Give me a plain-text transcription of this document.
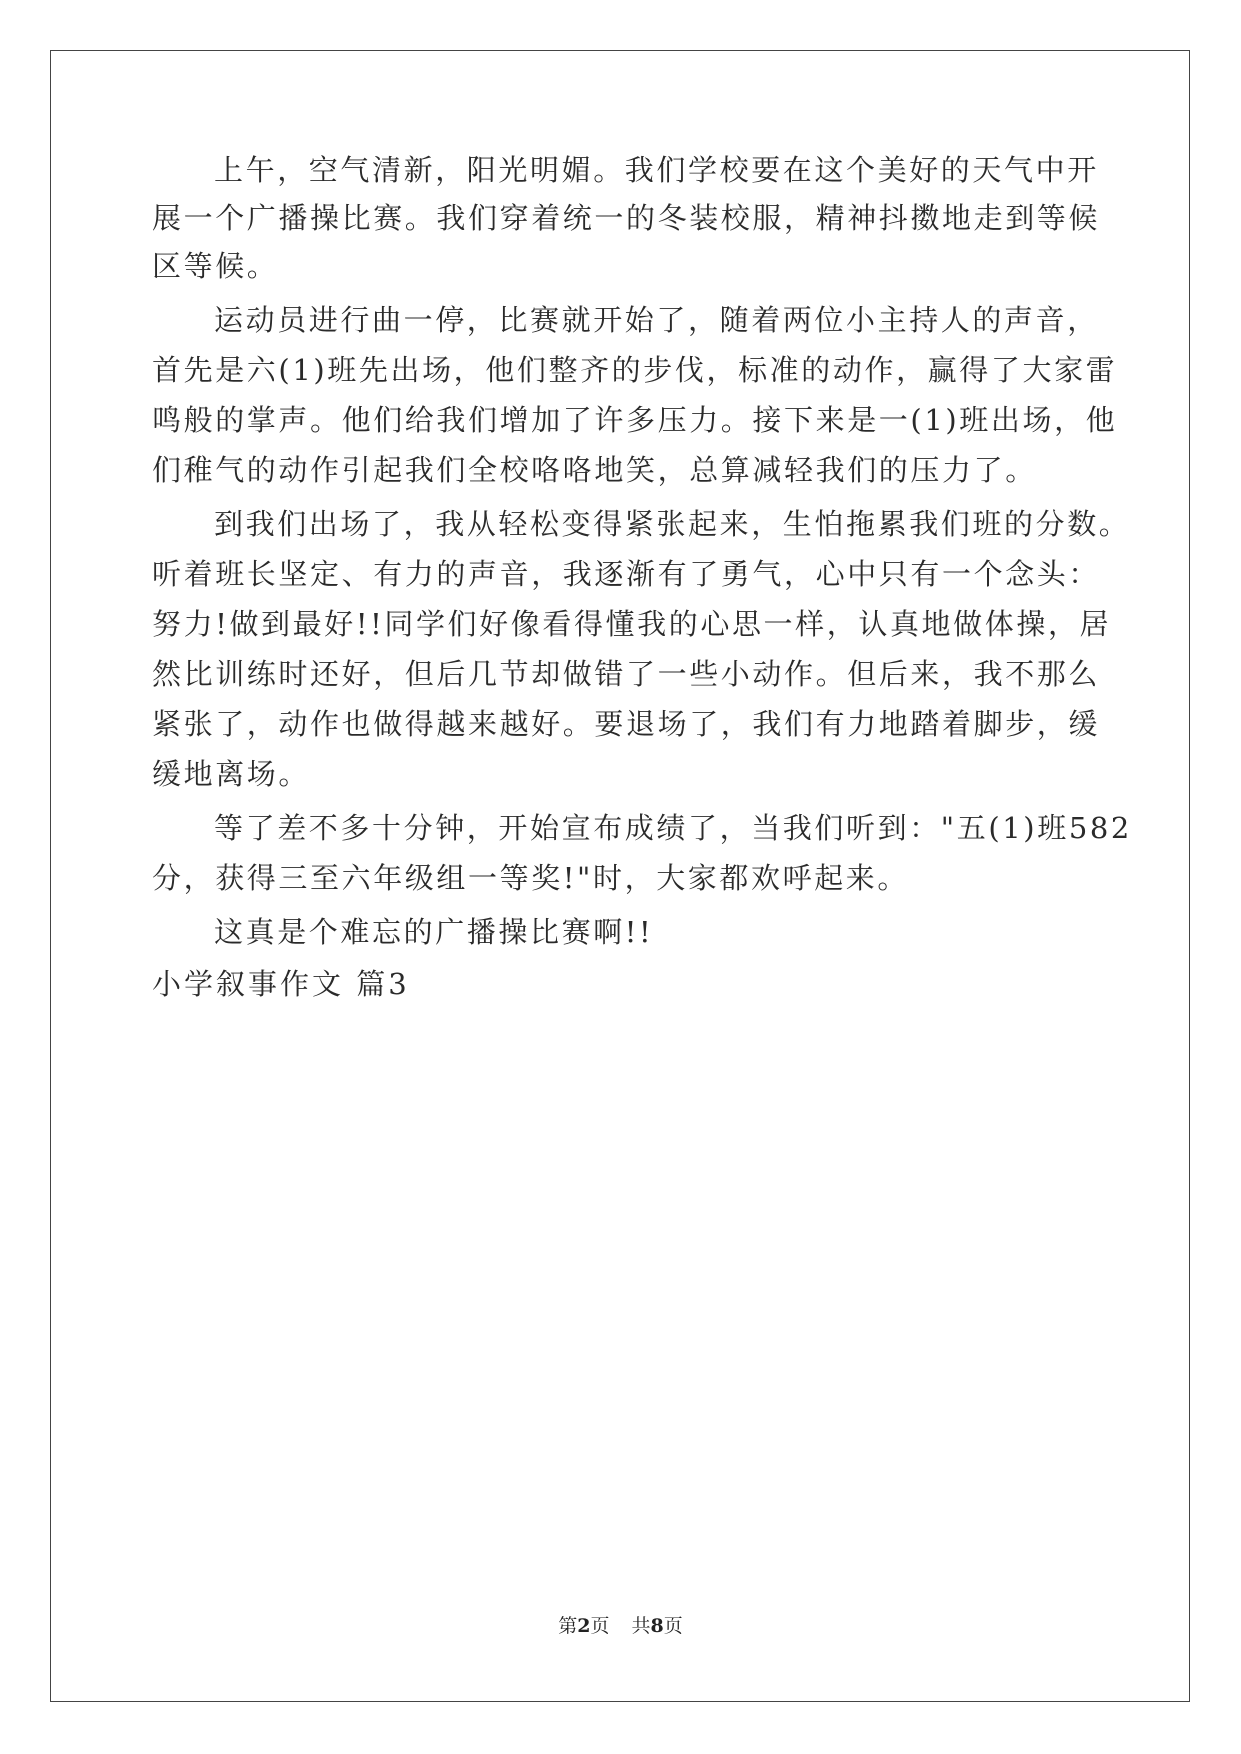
上午，空气清新，阳光明媚。我们学校要在这个美好的天气中开
展一个广播操比赛。我们穿着统一的冬装校服，精神抖擞地走到等候
区等候。
运动员进行曲一停，比赛就开始了，随着两位小主持人的声音，
首先是六(1)班先出场，他们整齐的步伐，标准的动作，赢得了大家雷
鸣般的掌声。他们给我们增加了许多压力。接下来是一(1)班出场，他
们稚气的动作引起我们全校咯咯地笑，总算减轻我们的压力了。
到我们出场了，我从轻松变得紧张起来，生怕拖累我们班的分数。
听着班长坚定、有力的声音，我逐渐有了勇气，心中只有一个念头：
努力!做到最好!!同学们好像看得懂我的心思一样，认真地做体操，居
然比训练时还好，但后几节却做错了一些小动作。但后来，我不那么
紧张了，动作也做得越来越好。要退场了，我们有力地踏着脚步，缓
缓地离场。
等了差不多十分钟，开始宣布成绩了，当我们听到："五(1)班582
分，获得三至六年级组一等奖!"时，大家都欢呼起来。
这真是个难忘的广播操比赛啊!!
小学叙事作文 篇3
第2页 共8页
